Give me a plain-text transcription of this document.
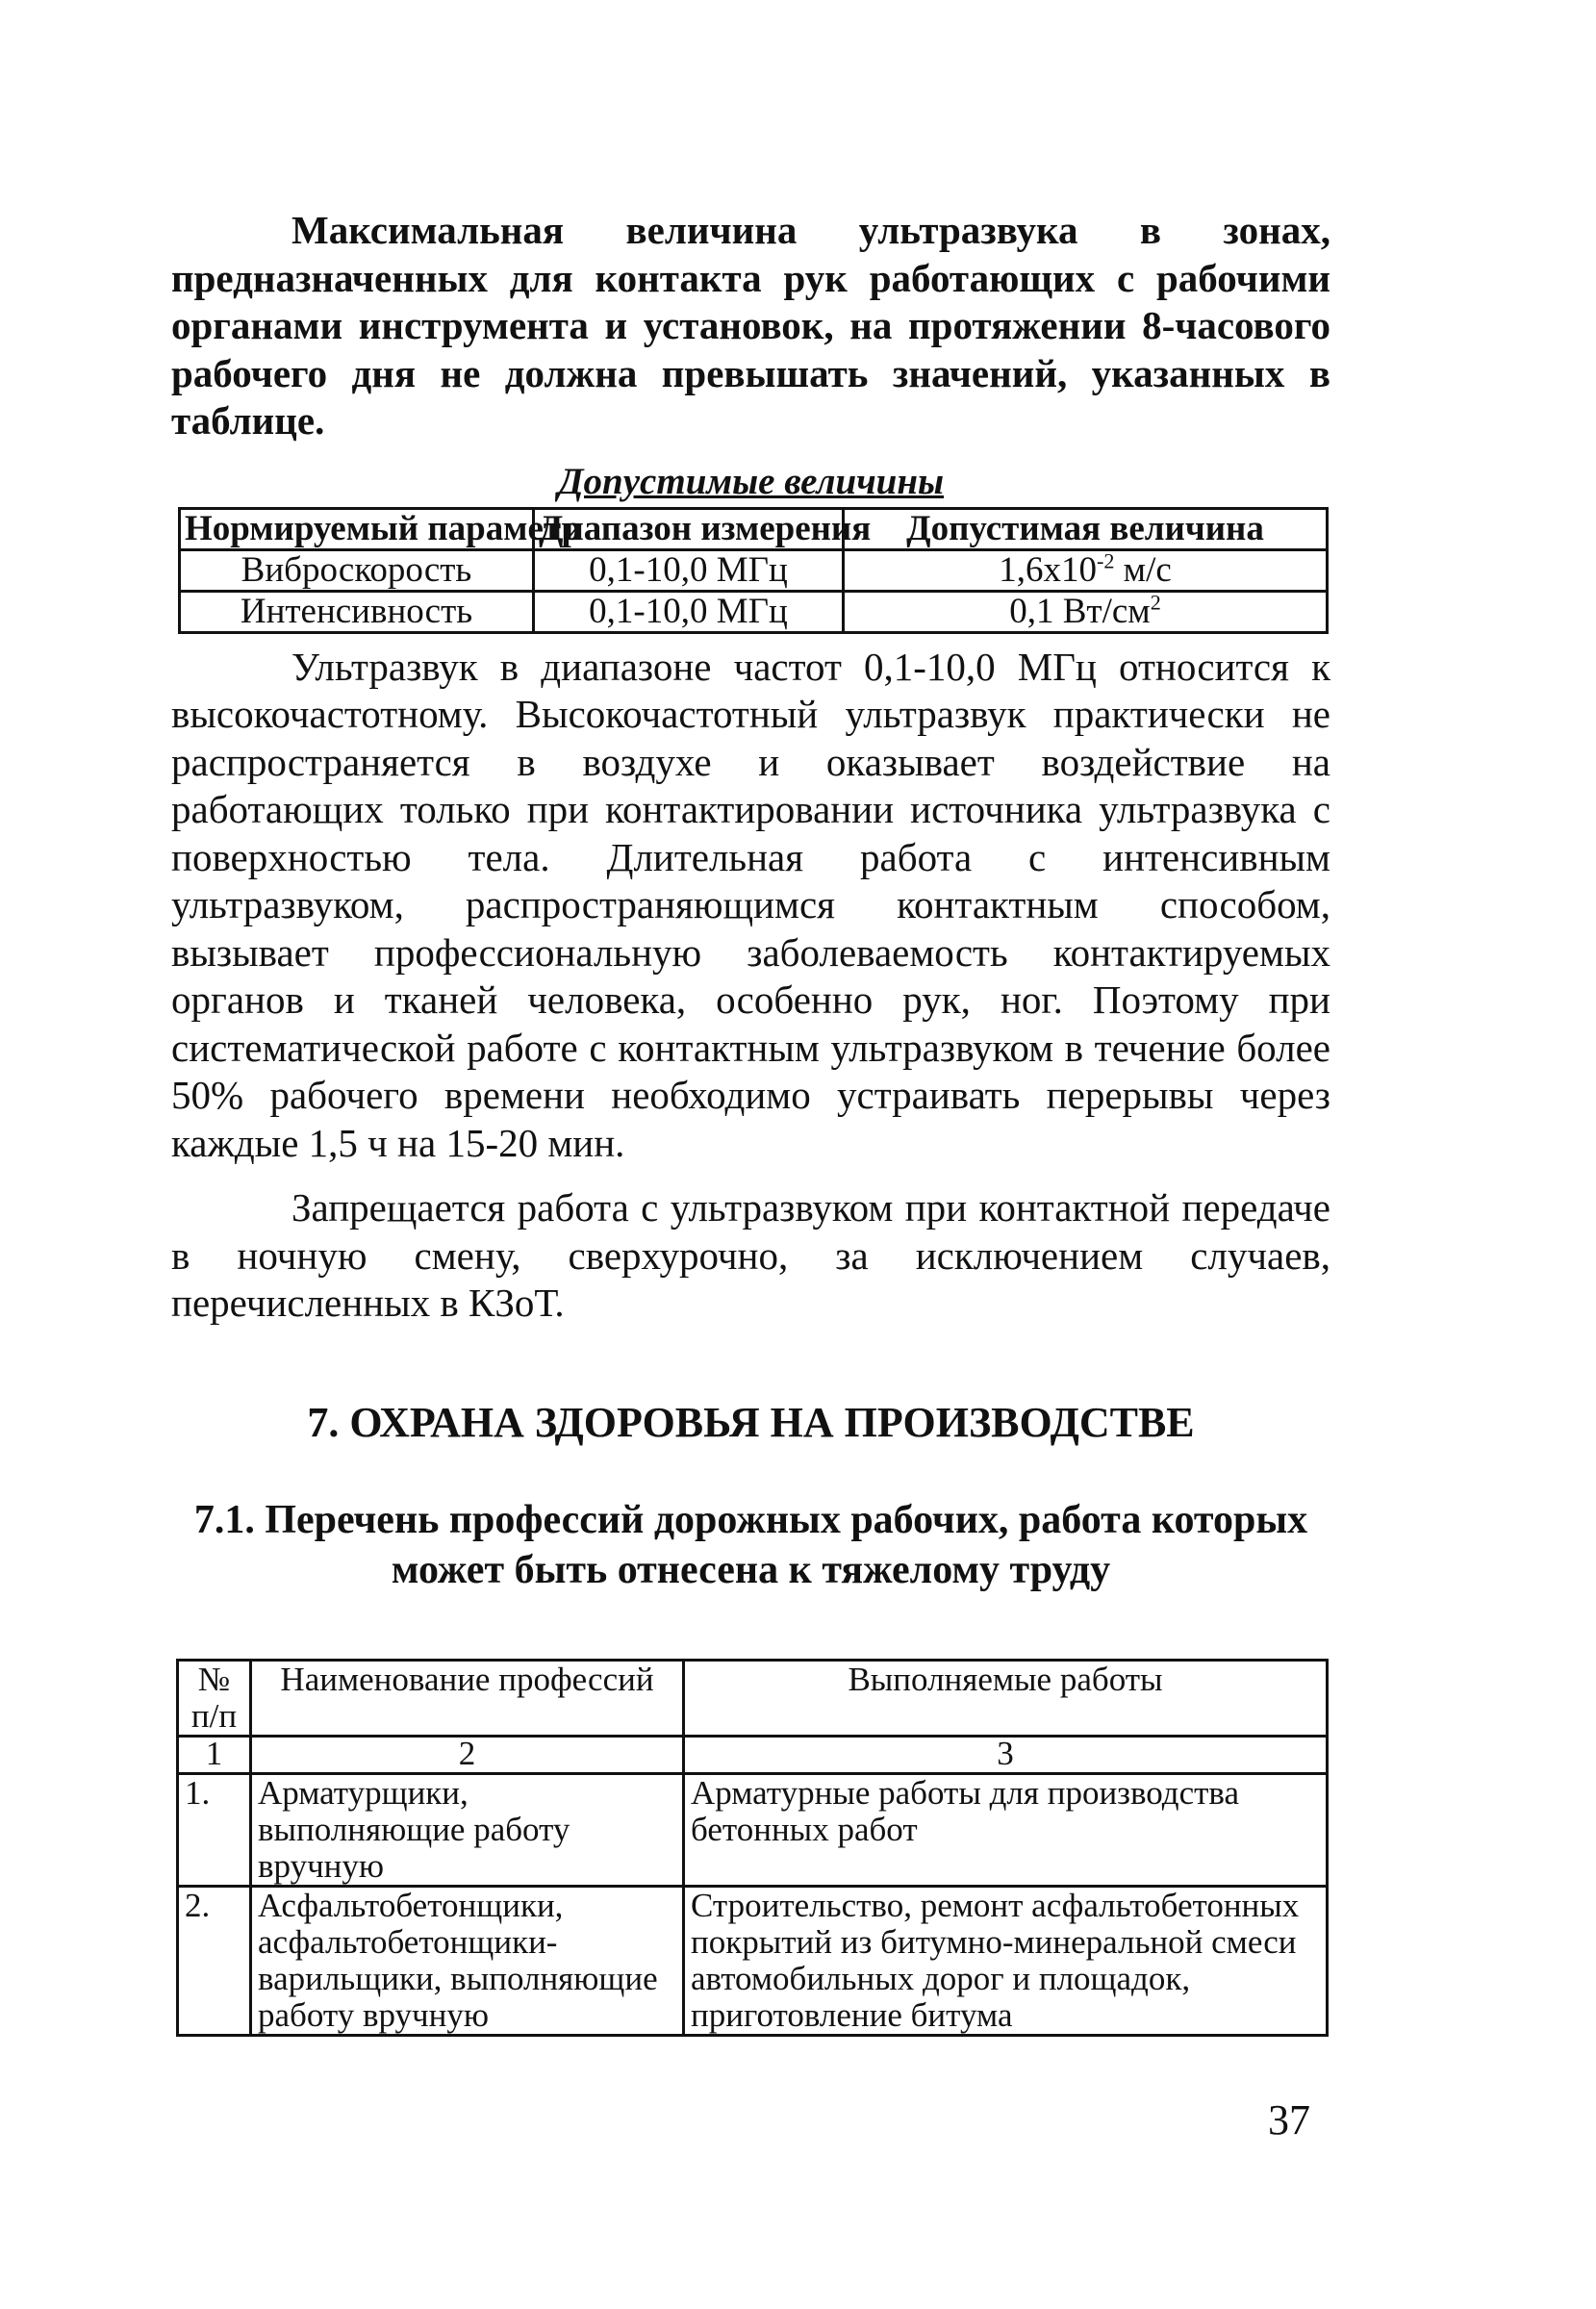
Максимальная величина ультразвука в зонах, предназначенных для контакта рук работающих с рабочими органами инструмента и установок, на протяжении 8-часового рабочего дня не должна превышать значений, указанных в таблице.

Допустимые величины
Нормируемый параметр	Диапазон измерения	Допустимая величина
Виброскорость	0,1-10,0 МГц	$1,6х10^{-2}$ м/с
Интенсивность	0,1-10,0 МГц	0,1 $Вт/см^2$

Ультразвук в диапазоне частот 0,1-10,0 МГц относится к высокочастотному. Высокочастотный ультразвук практически не распространяется в воздухе и оказывает воздействие на работающих только при контактировании источника ультразвука с поверхностью тела. Длительная работа с интенсивным ультразвуком, распространяющимся контактным способом, вызывает профессиональную заболеваемость контактируемых органов и тканей человека, особенно рук, ног. Поэтому при систематической работе с контактным ультразвуком в течение более 50% рабочего времени необходимо устраивать перерывы через каждые 1,5 ч на 15-20 мин.

Запрещается работа с ультразвуком при контактной передаче в ночную смену, сверхурочно, за исключением случаев, перечисленных в КЗоТ.

7. ОХРАНА ЗДОРОВЬЯ НА ПРОИЗВОДСТВЕ
7.1. Перечень профессий дорожных рабочих, работа которых может быть отнесена к тяжелому труду
№ п/п	Наименование профессий	Выполняемые работы
1	2	3
1.	Арматурщики, выполняющие работу вручную	Арматурные работы для производства бетонных работ
2.	Асфальтобетонщики, асфальтобетонщики-варильщики, выполняющие работу вручную	Строительство, ремонт асфальтобетонных покрытий из битумно-минеральной смеси автомобильных дорог и площадок, приготовление битума
37
